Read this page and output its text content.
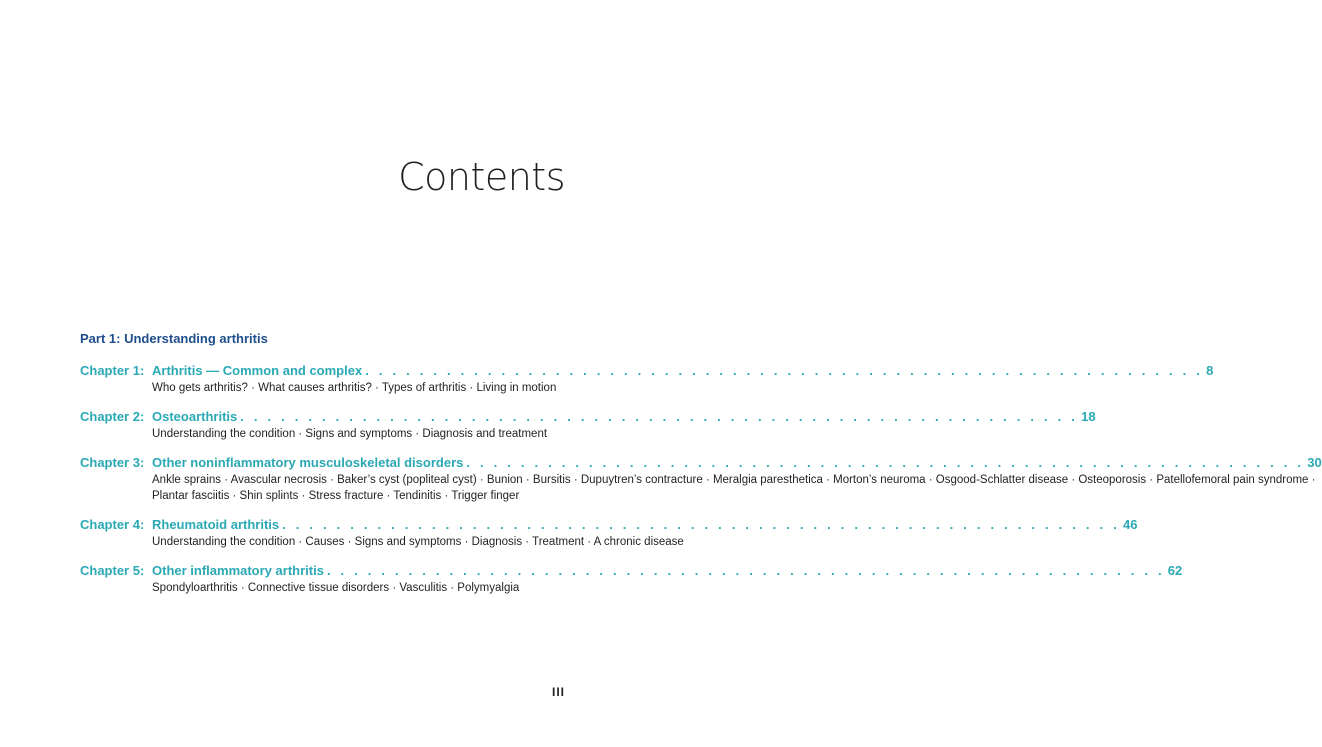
Contents
Part 1: Understanding arthritis
Chapter 1: Arthritis — Common and complex . . . . . . . . . . . . . . . . . . . . . . . . . . . . . . . . . . . . . . . . . . . . . . . . . . . . . . . . . . . . . . 8
Who gets arthritis? · What causes arthritis? · Types of arthritis · Living in motion
Chapter 2: Osteoarthritis . . . . . . . . . . . . . . . . . . . . . . . . . . . . . . . . . . . . . . . . . . . . . . . . . . . . . . . . . . . . . . 18
Understanding the condition · Signs and symptoms · Diagnosis and treatment
Chapter 3: Other noninflammatory musculoskeletal disorders . . . . . . . . . . . . . . . . . . . . . . . . . . . . . . . . . . . . . . . . . . . . . . . . . . . . . . . . . . . . . . 30
Ankle sprains · Avascular necrosis · Baker’s cyst (popliteal cyst) · Bunion · Bursitis · Dupuytren’s contracture · Meralgia paresthetica · Morton’s neuroma · Osgood-Schlatter disease · Osteoporosis · Patellofemoral pain syndrome · Plantar fasciitis · Shin splints · Stress fracture · Tendinitis · Trigger finger
Chapter 4: Rheumatoid arthritis . . . . . . . . . . . . . . . . . . . . . . . . . . . . . . . . . . . . . . . . . . . . . . . . . . . . . . . . . . . . . . 46
Understanding the condition · Causes · Signs and symptoms · Diagnosis · Treatment · A chronic disease
Chapter 5: Other inflammatory arthritis . . . . . . . . . . . . . . . . . . . . . . . . . . . . . . . . . . . . . . . . . . . . . . . . . . . . . . . . . . . . . . 62
Spondyloarthritis · Connective tissue disorders · Vasculitis · Polymyalgia
III
